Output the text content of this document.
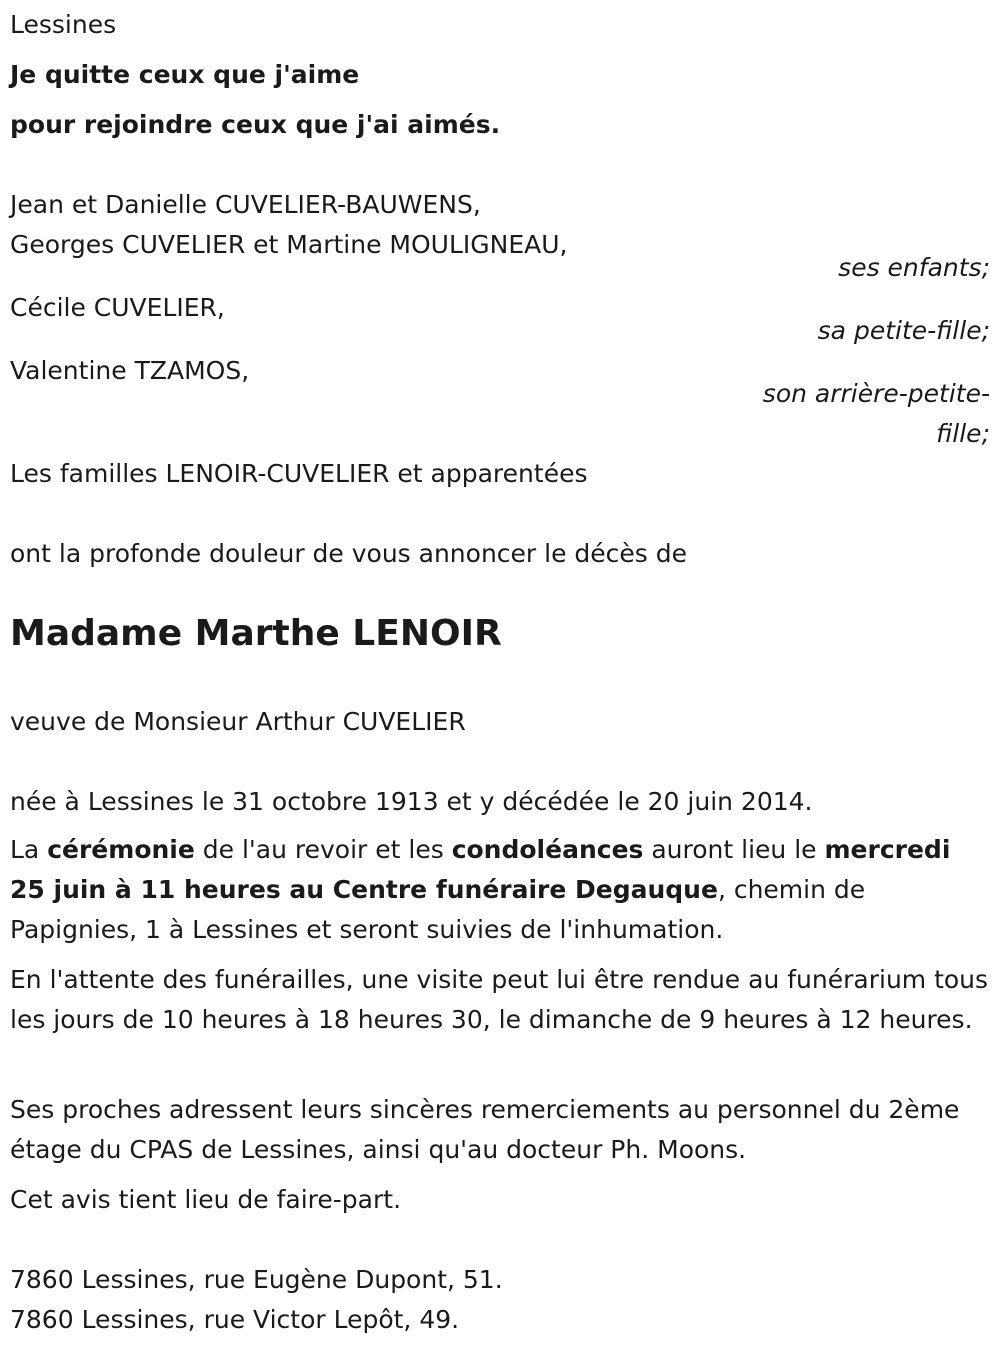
Lessines
Je quitte ceux que j'aime
pour rejoindre ceux que j'ai aimés.
Jean et Danielle CUVELIER-BAUWENS,
Georges CUVELIER et Martine MOULIGNEAU,
ses enfants;
Cécile CUVELIER,
sa petite-fille;
Valentine TZAMOS,
son arrière-petite-
fille;
Les familles LENOIR-CUVELIER et apparentées
ont la profonde douleur de vous annoncer le décès de
Madame Marthe LENOIR
veuve de Monsieur Arthur CUVELIER
née à Lessines le 31 octobre 1913 et y décédée le 20 juin 2014.
La cérémonie de l'au revoir et les condoléances auront lieu le mercredi 25 juin à 11 heures au Centre funéraire Degauque, chemin de Papignies, 1 à Lessines et seront suivies de l'inhumation.
En l'attente des funérailles, une visite peut lui être rendue au funérarium tous les jours de 10 heures à 18 heures 30, le dimanche de 9 heures à 12 heures.
Ses proches adressent leurs sincères remerciements au personnel du 2ème étage du CPAS de Lessines, ainsi qu'au docteur Ph. Moons.
Cet avis tient lieu de faire-part.
7860 Lessines, rue Eugène Dupont, 51.
7860 Lessines, rue Victor Lepôt, 49.
